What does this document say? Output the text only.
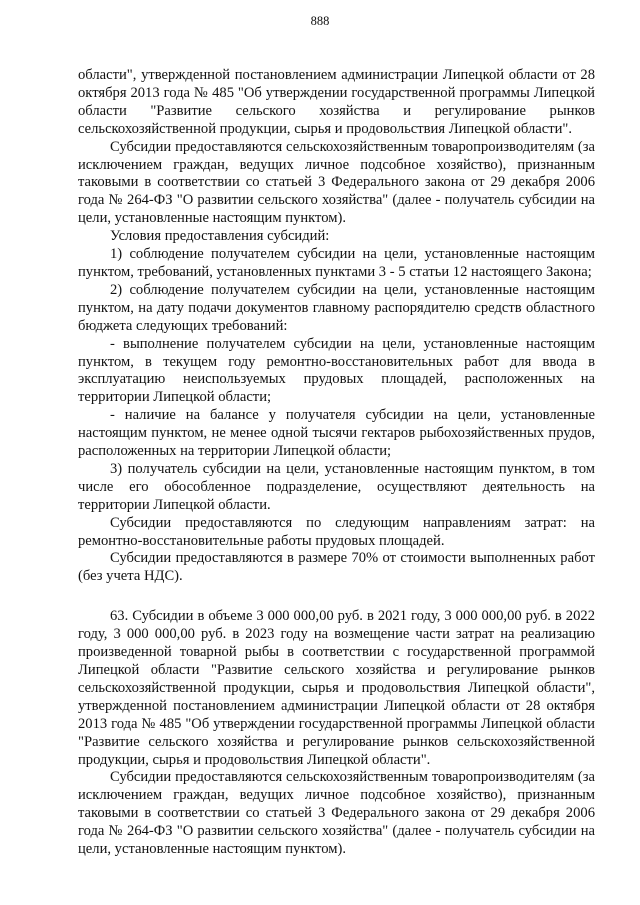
888

области", утвержденной постановлением администрации Липецкой области от 28 октября 2013 года № 485 "Об утверждении государственной программы Липецкой области "Развитие сельского хозяйства и регулирование рынков сельскохозяйственной продукции, сырья и продовольствия Липецкой области".

Субсидии предоставляются сельскохозяйственным товаропроизводителям (за исключением граждан, ведущих личное подсобное хозяйство), признанным таковыми в соответствии со статьей 3 Федерального закона от 29 декабря 2006 года № 264-ФЗ "О развитии сельского хозяйства" (далее - получатель субсидии на цели, установленные настоящим пунктом).

Условия предоставления субсидий:

1) соблюдение получателем субсидии на цели, установленные настоящим пунктом, требований, установленных пунктами 3 - 5 статьи 12 настоящего Закона;

2) соблюдение получателем субсидии на цели, установленные настоящим пунктом, на дату подачи документов главному распорядителю средств областного бюджета следующих требований:

- выполнение получателем субсидии на цели, установленные настоящим пунктом, в текущем году ремонтно-восстановительных работ для ввода в эксплуатацию неиспользуемых прудовых площадей, расположенных на территории Липецкой области;

- наличие на балансе у получателя субсидии на цели, установленные настоящим пунктом, не менее одной тысячи гектаров рыбохозяйственных прудов, расположенных на территории Липецкой области;

3) получатель субсидии на цели, установленные настоящим пунктом, в том числе его обособленное подразделение, осуществляют деятельность на территории Липецкой области.

Субсидии предоставляются по следующим направлениям затрат: на ремонтно-восстановительные работы прудовых площадей.

Субсидии предоставляются в размере 70% от стоимости выполненных работ (без учета НДС).

63. Субсидии в объеме 3 000 000,00 руб. в 2021 году, 3 000 000,00 руб. в 2022 году, 3 000 000,00 руб. в 2023 году на возмещение части затрат на реализацию произведенной товарной рыбы в соответствии с государственной программой Липецкой области "Развитие сельского хозяйства и регулирование рынков сельскохозяйственной продукции, сырья и продовольствия Липецкой области", утвержденной постановлением администрации Липецкой области от 28 октября 2013 года № 485 "Об утверждении государственной программы Липецкой области "Развитие сельского хозяйства и регулирование рынков сельскохозяйственной продукции, сырья и продовольствия Липецкой области".

Субсидии предоставляются сельскохозяйственным товаропроизводителям (за исключением граждан, ведущих личное подсобное хозяйство), признанным таковыми в соответствии со статьей 3 Федерального закона от 29 декабря 2006 года № 264-ФЗ "О развитии сельского хозяйства" (далее - получатель субсидии на цели, установленные настоящим пунктом).
